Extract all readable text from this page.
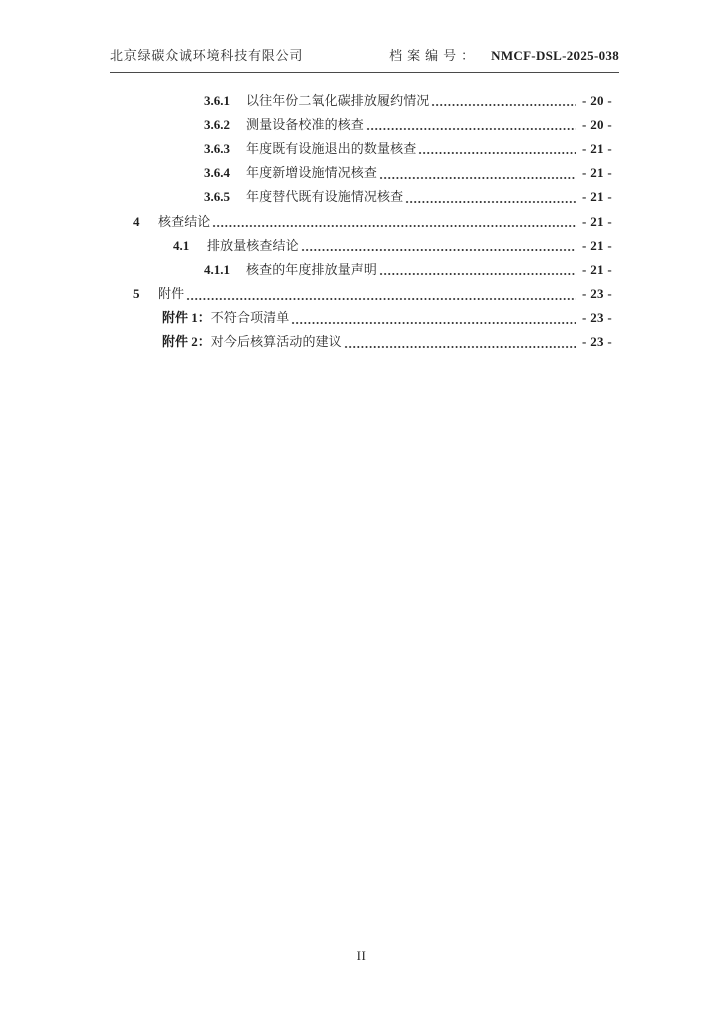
北京绿碳众诚环境科技有限公司	档案编号： NMCF-DSL-2025-038
3.6.1	以往年份二氧化碳排放履约情况	- 20 -
3.6.2	测量设备校准的核查	- 20 -
3.6.3	年度既有设施退出的数量核查	- 21 -
3.6.4	年度新增设施情况核查	- 21 -
3.6.5	年度替代既有设施情况核查	- 21 -
4	核查结论	- 21 -
4.1	排放量核查结论	- 21 -
4.1.1	核查的年度排放量声明	- 21 -
5	附件	- 23 -
附件 1： 不符合项清单	- 23 -
附件 2： 对今后核算活动的建议	- 23 -
II
